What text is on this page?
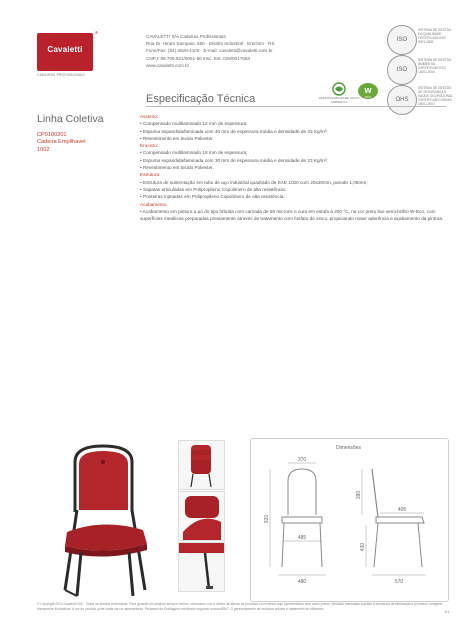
Cavaletti
®
CADEIRAS PROFISSIONAIS
CAVALETTI S/A Cadeiras Profissionais
Rua Dr. Hiram Sampaio, 550 · Distrito Industrial · Erechim · RS
Fone/Fax: (54) 3520-4100 · E-mail: cavaletti@cavaletti.com.br
CNPJ: 88.709.621/0001-80 Insc. Est. 039/0017863
www.cavaletti.com.br
ISO
SISTEMA DE GESTÃO DA QUALIDADE CERTIFICADO ISO 9001:2008
ISO
SISTEMA DE GESTÃO AMBIENTAL CERTIFICADO ISO 14001:2004
OHS
SISTEMA DE GESTÃO DE SEGURANÇA E SAÚDE OCUPACIONAL CERTIFICADO OHSAS 18001:2007
RESPONSABILIDADE SOCIO AMBIENTAL
w
eco
Especificação Técnica
Linha Coletiva
CP0100201
Cadeira Empilhavel
1002
Assento:
• Compensado multilaminado 12 mm de espessura;
• Espuma expandida/laminada com 40 mm de espessura média e densidade de 33 Kg/m³;
• Revestimento em tecido Poliester.
Encosto:
• Compensado multilaminado 18 mm de espessura;
• Espuma expandida/laminada com 30 mm de espessura média e densidade de 23 Kg/m³;
• Revestimento em tecido Poliester.
Estrutura:
• Estrutura de sustentação em tubo de aço industrial quadrado de SAE 1020 com 20x20mm, parede 1,06mm;
• Sapatas articuladas em Polipropileno Copolimero de alta resistência;
• Ponteiras injetadas em Polipropileno Copolimero de alta resistência;
Acabamento:
• Acabamento em pintura a pó do tipo híbrida com camada de 60 microns e cura em estufa à 200 °C, na cor preto liso semi-brilho W-Eco, com superfícies metálicas preparadas previamente através de tratamento com fosfato de zinco, propiciando maior aderência e acabamento da pintura.
Dimensões
370
920
485
480
390
405
430
570
© Copyright 2013 Cavaletti S/A · Todos os direitos reservados. Para garantir um produto sempre melhor, reservamo-nos o direito de alterar os produtos ou modelos aqui apresentados sem aviso prévio. Medidas estimadas sujeitas à tolerância de fabricação e processo. Imagens Meramente Ilustrativas. A cor do produto pode variar da cor apresentada. Processo de Estofagem certificado segundo norma ABNT. O gerenciamento de resíduos sólidos e tratamento de efluentes.
1/1
